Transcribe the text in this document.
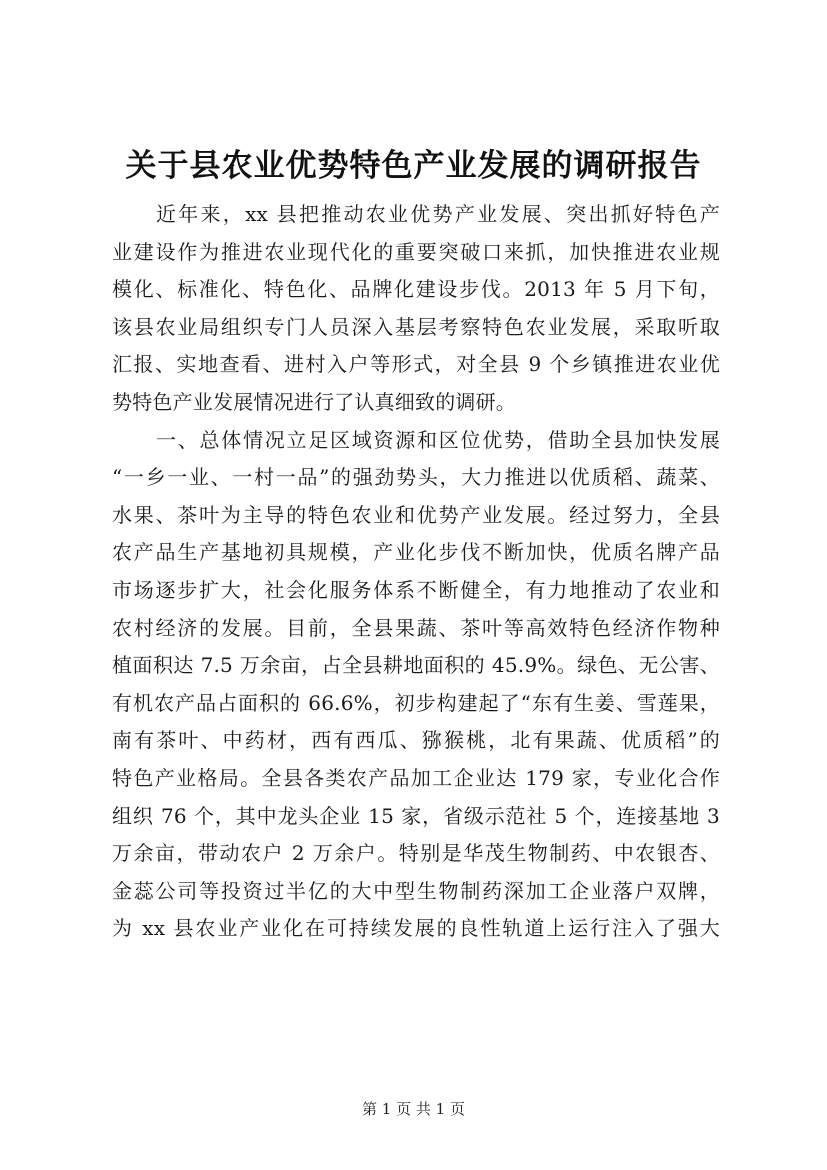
关于县农业优势特色产业发展的调研报告
近年来，xx 县把推动农业优势产业发展、突出抓好特色产
业建设作为推进农业现代化的重要突破口来抓，加快推进农业规
模化、标准化、特色化、品牌化建设步伐。2013 年 5 月下旬，
该县农业局组织专门人员深入基层考察特色农业发展，采取听取
汇报、实地查看、进村入户等形式，对全县 9 个乡镇推进农业优
势特色产业发展情况进行了认真细致的调研。
一、总体情况立足区域资源和区位优势，借助全县加快发展
“一乡一业、一村一品”的强劲势头，大力推进以优质稻、蔬菜、
水果、茶叶为主导的特色农业和优势产业发展。经过努力，全县
农产品生产基地初具规模，产业化步伐不断加快，优质名牌产品
市场逐步扩大，社会化服务体系不断健全，有力地推动了农业和
农村经济的发展。目前，全县果蔬、茶叶等高效特色经济作物种
植面积达 7.5 万余亩，占全县耕地面积的 45.9%。绿色、无公害、
有机农产品占面积的 66.6%，初步构建起了“东有生姜、雪莲果，
南有茶叶、中药材，西有西瓜、猕猴桃，北有果蔬、优质稻”的
特色产业格局。全县各类农产品加工企业达 179 家，专业化合作
组织 76 个，其中龙头企业 15 家，省级示范社 5 个，连接基地 3
万余亩，带动农户 2 万余户。特别是华茂生物制药、中农银杏、
金蕊公司等投资过半亿的大中型生物制药深加工企业落户双牌，
为 xx 县农业产业化在可持续发展的良性轨道上运行注入了强大
第 1 页 共 1 页
